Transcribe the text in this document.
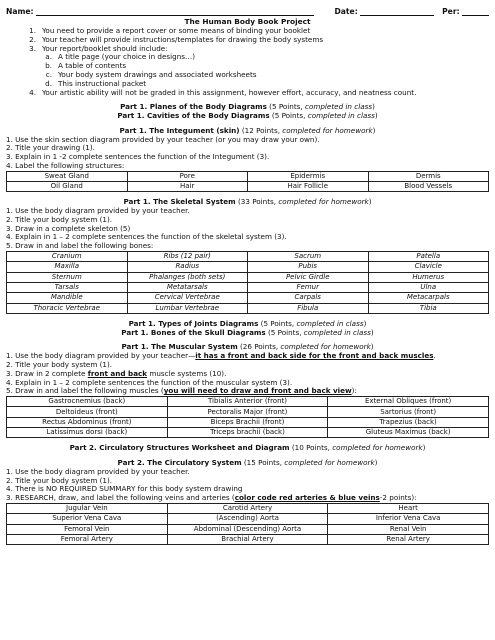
Name:	Date:	Per:
The Human Body Book Project
1. You need to provide a report cover or some means of binding your booklet
2. Your teacher will provide instructions/templates for drawing the body systems
3. Your report/booklet should include:
a. A title page (your choice in designs…)
b. A table of contents
c. Your body system drawings and associated worksheets
d. This instructional packet
4. Your artistic ability will not be graded in this assignment, however effort, accuracy, and neatness count.
Part 1. Planes of the Body Diagrams (5 Points, completed in class)
Part 1. Cavities of the Body Diagrams (5 Points, completed in class)
Part 1. The Integument (skin) (12 Points, completed for homework)
1. Use the skin section diagram provided by your teacher (or you may draw your own).
2. Title your drawing (1).
3. Explain in 1 -2 complete sentences the function of the Integument (3).
4. Label the following structures:
Sweat Gland	Pore	Epidermis	Dermis
Oil Gland	Hair	Hair Follicle	Blood Vessels
Part 1. The Skeletal System (33 Points, completed for homework)
1. Use the body diagram provided by your teacher.
2. Title your body system (1).
3. Draw in a complete skeleton (5)
4. Explain in 1 – 2 complete sentences the function of the skeletal system (3).
5. Draw in and label the following bones:
Cranium	Ribs (12 pair)	Sacrum	Patella
Maxilla	Radius	Pubis	Clavicle
Sternum	Phalanges (both sets)	Pelvic Girdle	Humerus
Tarsals	Metatarsals	Femur	Ulna
Mandible	Cervical Vertebrae	Carpals	Metacarpals
Thoracic Vertebrae	Lumbar Vertebrae	Fibula	Tibia
Part 1. Types of Joints Diagrams (5 Points, completed in class)
Part 1. Bones of the Skull Diagrams (5 Points, completed in class)
Part 1. The Muscular System (26 Points, completed for homework)
1. Use the body diagram provided by your teacher—it has a front and back side for the front and back muscles.
2. Title your body system (1).
3. Draw in 2 complete front and back muscle systems (10).
4. Explain in 1 – 2 complete sentences the function of the muscular system (3).
5. Draw in and label the following muscles (you will need to draw and front and back view):
Gastrocnemius (back)	Tibialis Anterior (front)	External Obliques (front)
Deltoideus (front)	Pectoralis Major (front)	Sartorius (front)
Rectus Abdominus (front)	Biceps Brachii (front)	Trapezius (back)
Latissimus dorsi (back)	Triceps brachii (back)	Gluteus Maximus (back)
Part 2. Circulatory Structures Worksheet and Diagram (10 Points, completed for homework)
Part 2. The Circulatory System (15 Points, completed for homework)
1. Use the body diagram provided by your teacher.
2. Title your body system (1).
4. There is NO REQUIRED SUMMARY for this body system drawing
3. RESEARCH, draw, and label the following veins and arteries (color code red arteries & blue veins-2 points):
Jugular Vein	Carotid Artery	Heart
Superior Vena Cava	(Ascending) Aorta	Inferior Vena Cava
Femoral Vein	Abdominal (Descending) Aorta	Renal Vein
Femoral Artery	Brachial Artery	Renal Artery
